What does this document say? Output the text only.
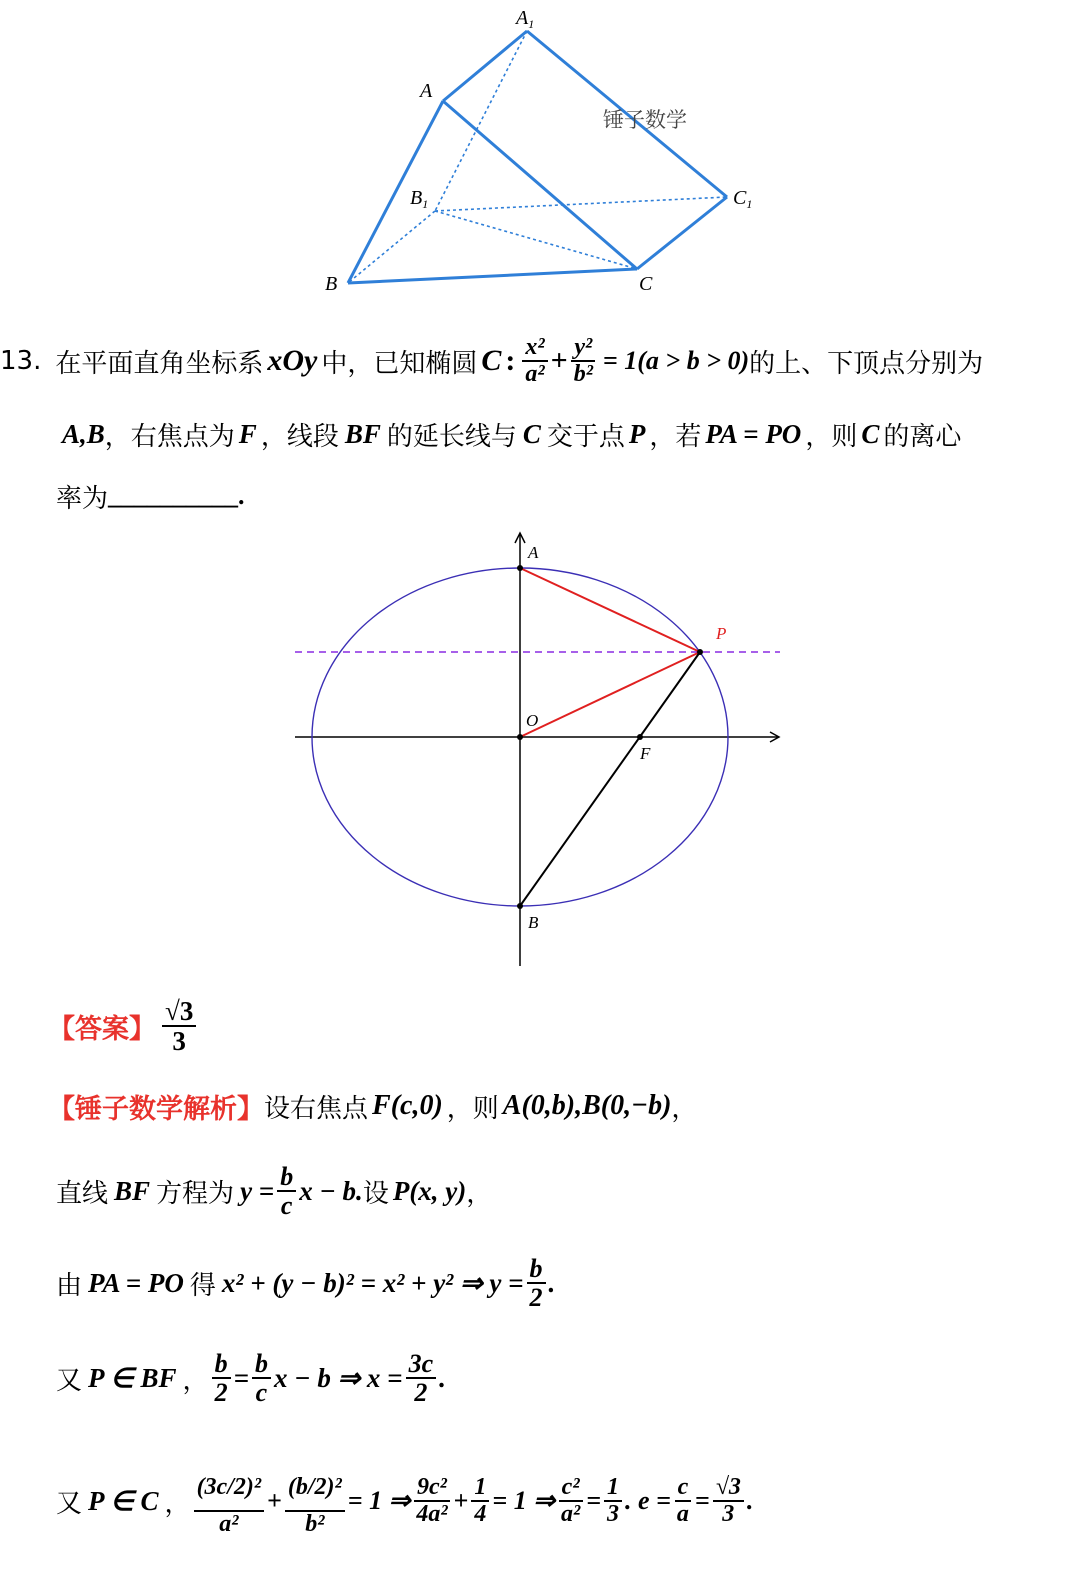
$A_1$
A
$B_1$	$C_1$
B	C
锤子数学
13. 在平面直角坐标系 xOy 中，已知椭圆 C : $\frac{\text{x²}}{\text{a²}} + \frac{\text{y²}}{\text{b²}} = 1(a > b > 0)$ 的上、下顶点分别为
A,B ，右焦点为 F ，线段 BF 的延长线与 C 交于点 P ，若 PA = PO ，则 C 的离心
率为 __________.
A
P
O
F
B
【答案】 $\frac{√3}{3}$
【锤子数学解析】 设右焦点 F(c,0) ，则 A(0,b),B(0,−b) ，
直线 BF 方程为 $y = \frac{b}{c}$ x − b. 设 P(x, y) ，
由 PA = PO 得 x² + (y − b)² = x² + y² ⇒ $y = \frac{b}{2}$ .
又 P ∈ BF ， $\frac{b}{2} = \frac{b}{c}$ x − b ⇒ $x = \frac{3c}{2}$ .
又 P ∈ C ， $\frac{\text{(3c/2)²}}{\text{a²}} + \frac{\text{(b/2)²}}{\text{b²}} = 1$ ⇒ $\frac{\text{9c²}}{\text{4a²}} + \frac{1}{4} = 1$ ⇒ $\frac{\text{c²}}{\text{a²}} = \frac{1}{3}$ . $e = \frac{c}{a} = \frac{√3}{3}$ .
